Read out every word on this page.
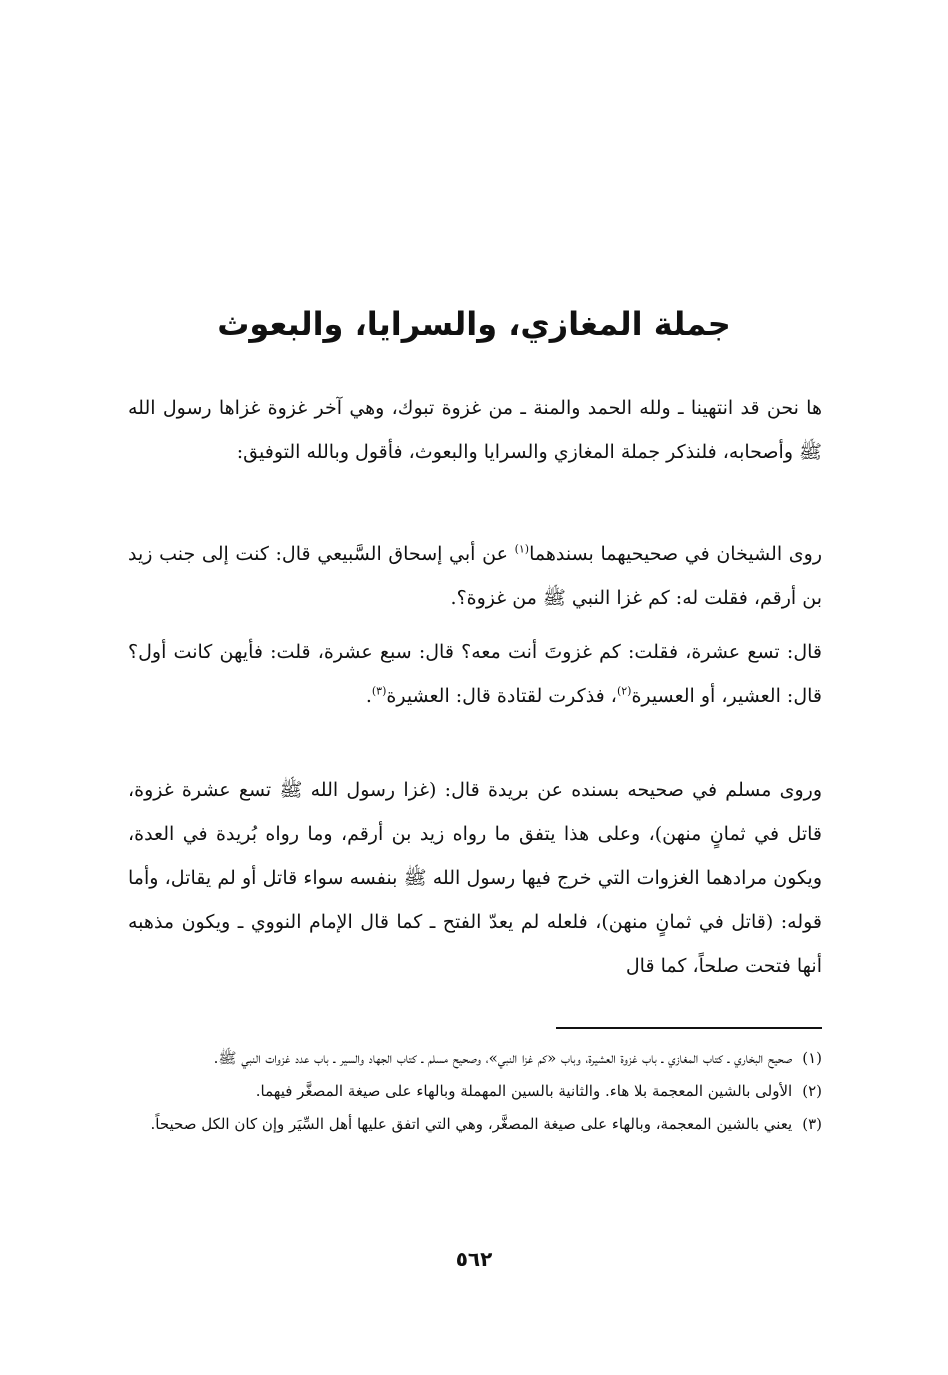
جملة المغازي، والسرايا، والبعوث

ها نحن قد انتهينا ـ ولله الحمد والمنة ـ من غزوة تبوك، وهي آخر غزوة غزاها رسول الله ﷺ وأصحابه، فلنذكر جملة المغازي والسرايا والبعوث، فأقول وبالله التوفيق:

روى الشيخان في صحيحيهما بسندهما$^{(١)}$ عن أبي إسحاق السَّبيعي قال: كنت إلى جنب زيد بن أرقم، فقلت له: كم غزا النبي ﷺ من غزوة؟.

قال: تسع عشرة، فقلت: كم غزوتَ أنت معه؟ قال: سبع عشرة، قلت: فأيهن كانت أول؟ قال: العشير، أو العسيرة$^{(٢)}$، فذكرت لقتادة قال: العشيرة$^{(٣)}$.

وروى مسلم في صحيحه بسنده عن بريدة قال: (غزا رسول الله ﷺ تسع عشرة غزوة، قاتل في ثمانٍ منهن)، وعلى هذا يتفق ما رواه زيد بن أرقم، وما رواه بُريدة في العدة، ويكون مرادهما الغزوات التي خرج فيها رسول الله ﷺ بنفسه سواء قاتل أو لم يقاتل، وأما قوله: (قاتل في ثمانٍ منهن)، فلعله لم يعدّ الفتح ـ كما قال الإمام النووي ـ ويكون مذهبه أنها فتحت صلحاً، كما قال

(١)
صحيح البخاري ـ كتاب المغازي ـ باب غزوة العشيرة، وباب «كم غزا النبي»، وصحيح مسلم ـ كتاب الجهاد والسير ـ باب عدد غزوات النبي ﷺ.
(٢)
الأولى بالشين المعجمة بلا هاء. والثانية بالسين المهملة وبالهاء على صيغة المصغَّر فيهما.
(٣)
يعني بالشين المعجمة، وبالهاء على صيغة المصغَّر، وهي التي اتفق عليها أهل السِّيَر وإن كان الكل صحيحاً.
٥٦٢
